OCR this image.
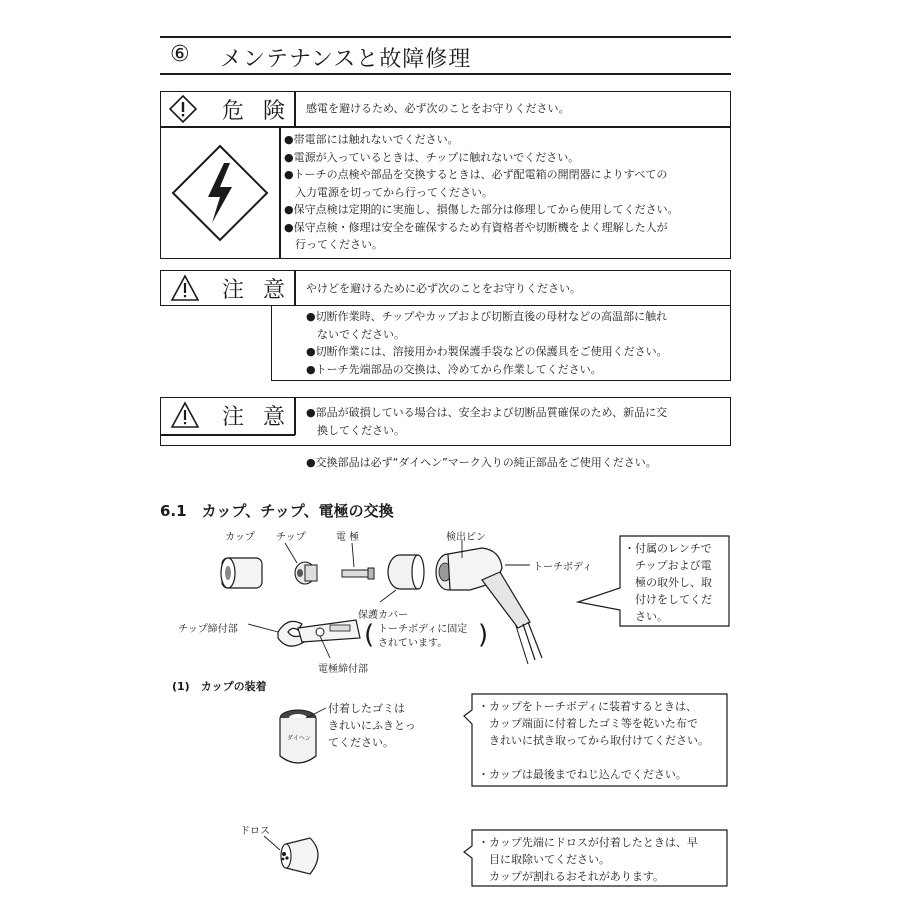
⑥ メンテナンスと故障修理
危 険 感電を避けるため、必ず次のことをお守りください。
●帯電部には触れないでください。
●電源が入っているときは、チップに触れないでください。
●トーチの点検や部品を交換するときは、必ず配電箱の開閉器によりすべての
　入力電源を切ってから行ってください。
●保守点検は定期的に実施し、損傷した部分は修理してから使用してください。
●保守点検・修理は安全を確保するため有資格者や切断機をよく理解した人が
　行ってください。
注 意 やけどを避けるために必ず次のことをお守りください。
●切断作業時、チップやカップおよび切断直後の母材などの高温部に触れ
　ないでください。
●切断作業には、溶接用かわ製保護手袋などの保護具をご使用ください。
●トーチ先端部品の交換は、冷めてから作業してください。
注 意 ●部品が破損している場合は、安全および切断品質確保のため、新品に交
　換してください。
●交換部品は必ず“ダイヘン”マーク入りの純正部品をご使用ください。
6.1　カップ、チップ、電極の交換
カップ チップ	電 極	検出ピン
トーチボディ
保護カバー
( トーチボディに固定
されています。 )
チップ締付部
電極締付部
・付属のレンチで
　チップおよび電
　極の取外し、取
　付けをしてくだ
　さい。
(1)　カップの装着
ダイヘン
付着したゴミは
きれいにふきとっ
てください。
・カップをトーチボディに装着するときは、
　カップ端面に付着したゴミ等を乾いた布で
　きれいに拭き取ってから取付けてください。
・カップは最後までねじ込んでください。
ドロス
・カップ先端にドロスが付着したときは、早
　目に取除いてください。
　カップが割れるおそれがあります。
